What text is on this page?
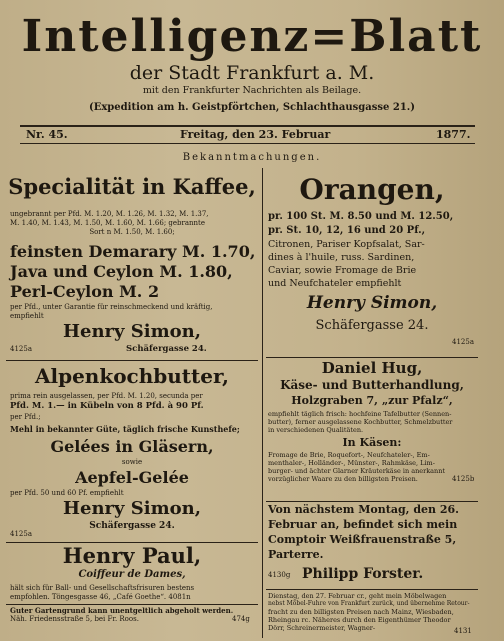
Intelligenz=Blatt
der Stadt Frankfurt a. M.
mit den Frankfurter Nachrichten als Beilage.
(Expedition am h. Geistpförtchen, Schlachthausgasse 21.)
Nr. 45.	Freitag, den 23. Februar	1877.
Bekanntmachungen.
Specialität in Kaffee,
ungebrannt per Pfd. M. 1.20, M. 1.26, M. 1.32, M. 1.37,
M. 1.40, M. 1.43, M. 1.50, M. 1.60, M. 1.66; gebrannte
Sort n M. 1.50, M. 1.60;
feinsten Demarary M. 1.70,
Java und Ceylon M. 1.80,
Perl-Ceylon M. 2
per Pfd., unter Garantie für reinschmeckend und kräftig,
empfiehlt
Henry Simon,
4125a	Schäfergasse 24.
Alpenkochbutter,
prima rein ausgelassen, per Pfd. M. 1.20, secunda per
Pfd. M. 1.— in Kübeln von 8 Pfd. à 90 Pf.
per Pfd.;
Mehl in bekannter Güte, täglich frische Kunsthefe;
Gelées in Gläsern,
sowie
Aepfel-Gelée
per Pfd. 50 und 60 Pf. empfiehlt
Henry Simon,
Schäfergasse 24.
4125a
Henry Paul,
Coiffeur de Dames,
hält sich für Ball- und Gesellschaftsfrisuren bestens
empfohlen. Töngesgasse 46, „Café Goethe“. 4081n
Guter Gartengrund kann unentgeltlich abgeholt werden.
Näh. Friedensstraße 5, bei Fr. Roos.	474g
Orangen,
pr. 100 St. M. 8.50 und M. 12.50,
pr. St. 10, 12, 16 und 20 Pf.,
Citronen, Pariser Kopfsalat, Sar-
dines à l'huile, russ. Sardinen,
Caviar, sowie Fromage de Brie
und Neufchateler empfiehlt
Henry Simon,
Schäfergasse 24.
4125a
Daniel Hug,
Käse- und Butterhandlung,
Holzgraben 7, „zur Pfalz“,
empfiehlt täglich frisch: hochfeine Tafelbutter (Sennen-
butter), ferner ausgelassene Kochbutter, Schmelzbutter
in verschiedenen Qualitäten.
In Käsen:
Fromage de Brie, Roquefort-, Neufchateler-, Em-
menthaler-, Holländer-, Münster-, Rahmkäse, Lim-
burger- und ächter Glarner Kräuterkäse in anerkannt
vorzüglicher Waare zu den billigsten Preisen.	4125b
Von nächstem Montag, den 26.
Februar an, befindet sich mein
Comptoir Weißfrauenstraße 5,
Parterre.
4130g Philipp Forster.
Dienstag, den 27. Februar cr., geht mein Möbelwagen
nebst Möbel-Fuhre von Frankfurt zurück, und übernehme Retour-
fracht zu den billigsten Preisen nach Mainz, Wiesbaden,
Rheingau rc. Näheres durch den Eigenthümer Theodor
Dörr, Schreinermeister, Wagner-	4131
